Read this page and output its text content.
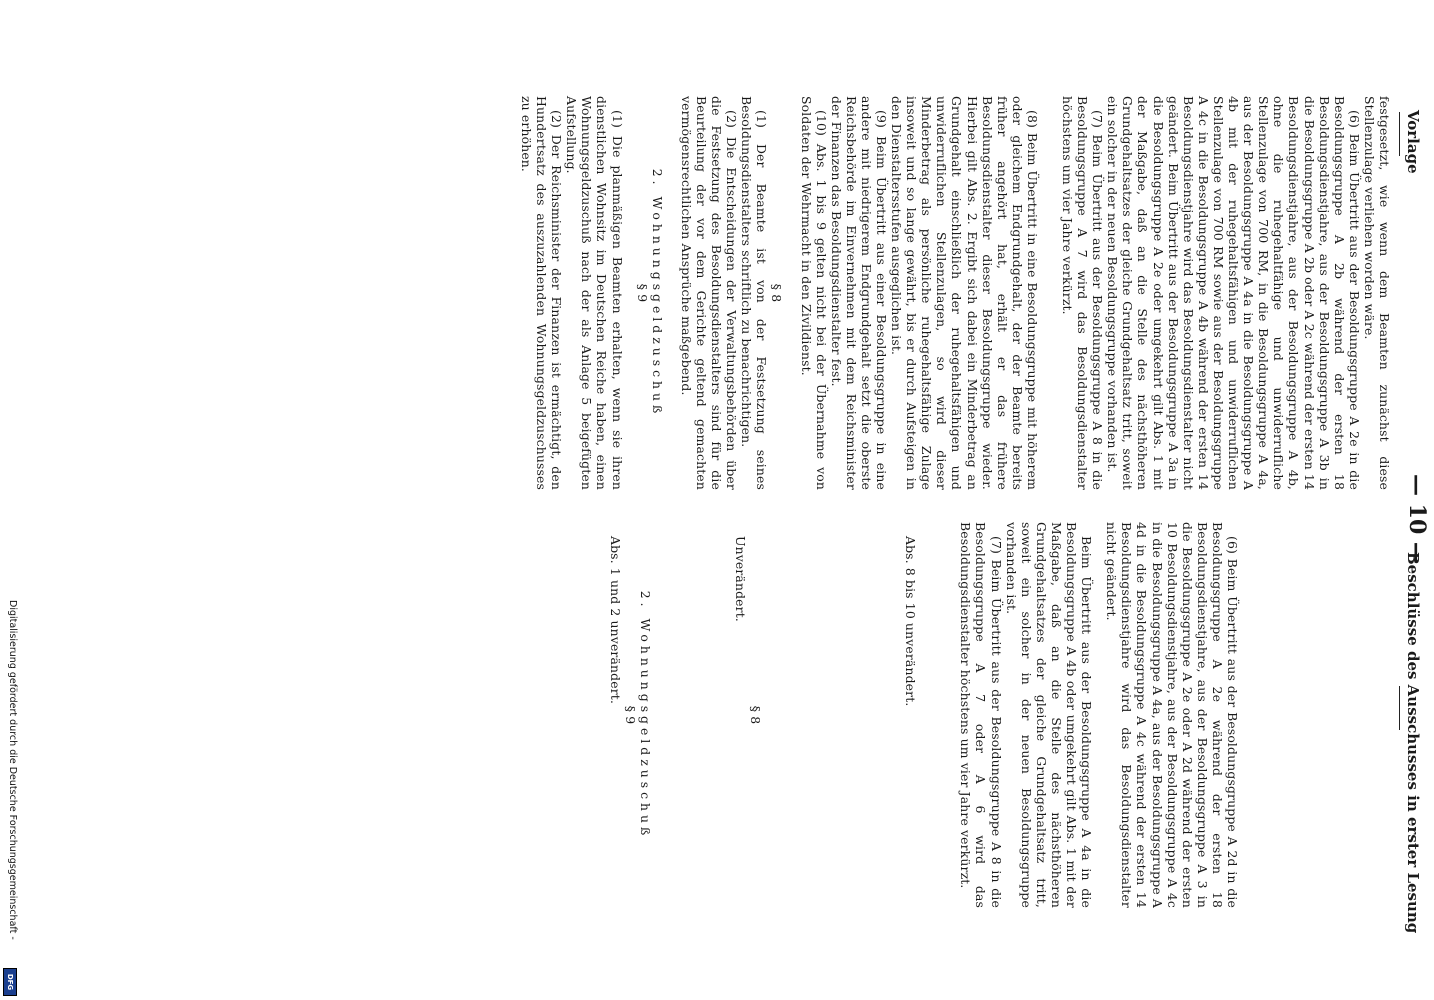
Vorlage
— 10 —
Beschlüsse des Ausschusses in erster Lesung

festgesetzt, wie wenn dem Beamten zunächst diese Stellenzulage verliehen worden wäre.

(6) Beim Übertritt aus der Besoldungsgruppe A 2e in die Besoldungsgruppe A 2b während der ersten 18 Besoldungsdienstjahre, aus der Besoldungsgruppe A 3b in die Besoldungsgruppe A 2b oder A 2c während der ersten 14 Besoldungsdienstjahre, aus der Besoldungsgruppe A 4b, ohne die ruhegehaltfähige und unwiderrufliche Stellenzulage von 700 RM, in die Besoldungsgruppe A 4a, aus der Besoldungsgruppe A 4a in die Besoldungsgruppe A 4b mit der ruhegehaltsfähigen und unwiderruflichen Stellenzulage von 700 RM sowie aus der Besoldungsgruppe A 4c in die Besoldungsgruppe A 4b während der ersten 14 Besoldungsdienstjahre wird das Besoldungsdienstalter nicht geändert. Beim Übertritt aus der Besoldungsgruppe A 3a in die Besoldungsgruppe A 2e oder umgekehrt gilt Abs. 1 mit der Maßgabe, daß an die Stelle des nächsthöheren Grundgehaltsatzes der gleiche Grundgehaltsatz tritt, soweit ein solcher in der neuen Besoldungsgruppe vorhanden ist.

(7) Beim Übertritt aus der Besoldungsgruppe A 8 in die Besoldungsgruppe A 7 wird das Besoldungsdienstalter höchstens um vier Jahre verkürzt.

(8) Beim Übertritt in eine Besoldungsgruppe mit höherem oder gleichem Endgrundgehalt, der der Beamte bereits früher angehört hat, erhält er das frühere Besoldungsdienstalter dieser Besoldungsgruppe wieder. Hierbei gilt Abs. 2. Ergibt sich dabei ein Minderbetrag an Grundgehalt einschließlich der ruhegehaltsfähigen und unwiderruflichen Stellenzulagen, so wird dieser Minderbetrag als persönliche ruhegehaltsfähige Zulage insoweit und so lange gewährt, bis er durch Aufsteigen in den Dienstaltersstufen ausgeglichen ist.

(9) Beim Übertritt aus einer Besoldungsgruppe in eine andere mit niedrigerem Endgrundgehalt setzt die oberste Reichsbehörde im Einvernehmen mit dem Reichsminister der Finanzen das Besoldungsdienstalter fest.

(10) Abs. 1 bis 9 gelten nicht bei der Übernahme von Soldaten der Wehrmacht in den Zivildienst.

§ 8

(1) Der Beamte ist von der Festsetzung seines Besoldungsdienstalters schriftlich zu benachrichtigen.

(2) Die Entscheidungen der Verwaltungsbehörden über die Festsetzung des Besoldungsdienstalters sind für die Beurteilung der vor dem Gerichte geltend gemachten vermögensrechtlichen Ansprüche maßgebend.

2. Wohnungsgeldzuschuß

§ 9

(1) Die planmäßigen Beamten erhalten, wenn sie ihren dienstlichen Wohnsitz im Deutschen Reiche haben, einen Wohnungsgeldzuschuß nach der als Anlage 5 beigefügten Aufstellung.

(2) Der Reichsminister der Finanzen ist ermächtigt, den Hundertsatz des auszuzahlenden Wohnungsgeldzuschusses zu erhöhen.

(6) Beim Übertritt aus der Besoldungsgruppe A 2d in die Besoldungsgruppe A 2e während der ersten 18 Besoldungsdienstjahre, aus der Besoldungsgruppe A 3 in die Besoldungsgruppe A 2e oder A 2d während der ersten 10 Besoldungsdienstjahre, aus der Besoldungsgruppe A 4c in die Besoldungsgruppe A 4a, aus der Besoldungsgruppe A 4d in die Besoldungsgruppe A 4c während der ersten 14 Besoldungsdienstjahre wird das Besoldungsdienstalter nicht geändert.

Beim Übertritt aus der Besoldungsgruppe A 4a in die Besoldungsgruppe A 4b oder umgekehrt gilt Abs. 1 mit der Maßgabe, daß an die Stelle des nächsthöheren Grundgehaltsatzes der gleiche Grundgehaltsatz tritt, soweit ein solcher in der neuen Besoldungsgruppe vorhanden ist.

(7) Beim Übertritt aus der Besoldungsgruppe A 8 in die Besoldungsgruppe A 7 oder A 6 wird das Besoldungsdienstalter höchstens um vier Jahre verkürzt.

Abs. 8 bis 10 unverändert.

§ 8

Unverändert.

2. Wohnungsgeldzuschuß

§ 9

Abs. 1 und 2 unverändert.

Digitalisierung gefördert durch die Deutsche Forschungsgemeinschaft -
DFG
